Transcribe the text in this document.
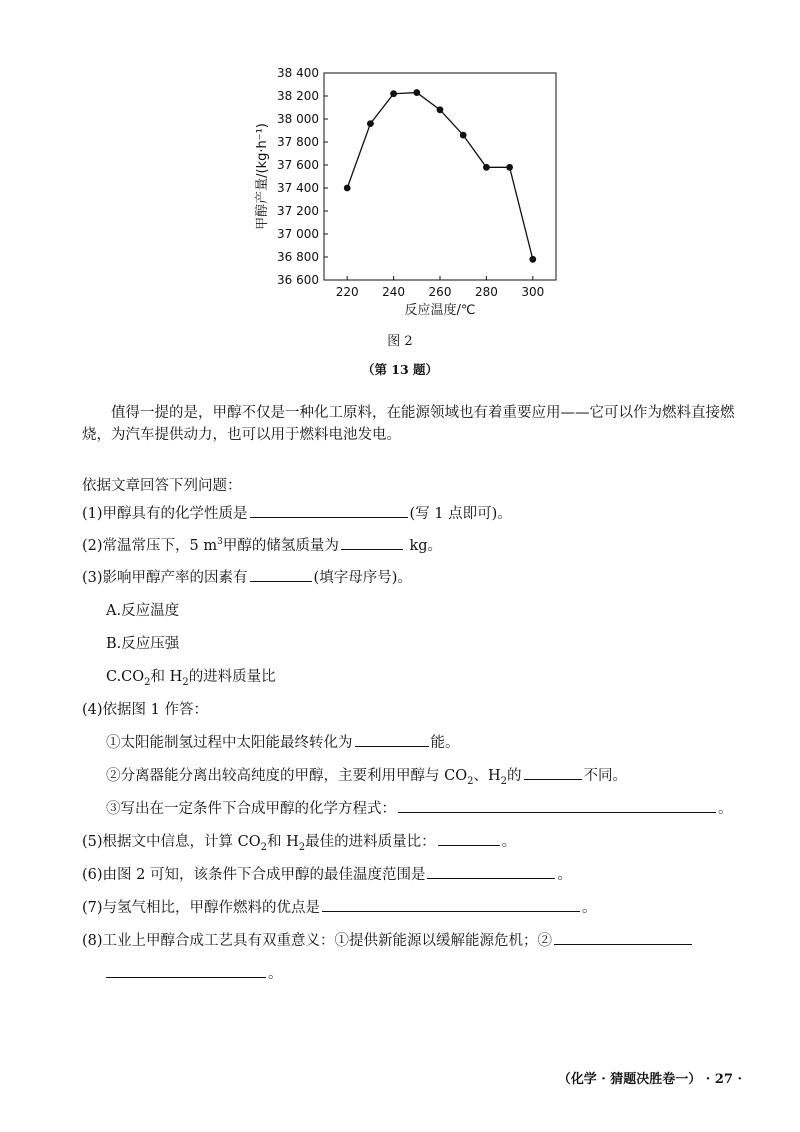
36 600
36 800
37 000
37 200
37 400
37 600
37 800
38 000
38 200
38 400
220 240 260 280 300
反应温度/℃
甲醇产量/(kg·h⁻¹)
图 2
（第 13 题）
值得一提的是，甲醇不仅是一种化工原料，在能源领域也有着重要应用——它可以作为燃料直接燃烧，为汽车提供动力，也可以用于燃料电池发电。
依据文章回答下列问题：
(1)甲醇具有的化学性质是	(写 1 点即可)。
(2)常温常压下，5 $m^3$甲醇的储氢质量为	kg。
(3)影响甲醇产率的因素有	(填字母序号)。
A.反应温度
B.反应压强
$C.CO_2$和 $H_2$的进料质量比
(4)依据图 1 作答：
①太阳能制氢过程中太阳能最终转化为	能。
②分离器能分离出较高纯度的甲醇，主要利用甲醇与 $CO_2$、$H_2$的	不同。
③写出在一定条件下合成甲醇的化学方程式：	。
(5)根据文中信息，计算 $CO_2$和 $H_2$最佳的进料质量比：	。
(6)由图 2 可知，该条件下合成甲醇的最佳温度范围是	。
(7)与氢气相比，甲醇作燃料的优点是	。
(8)工业上甲醇合成工艺具有双重意义：①提供新能源以缓解能源危机；②
。
（化学 · 猜题决胜卷一） · 27 ·
